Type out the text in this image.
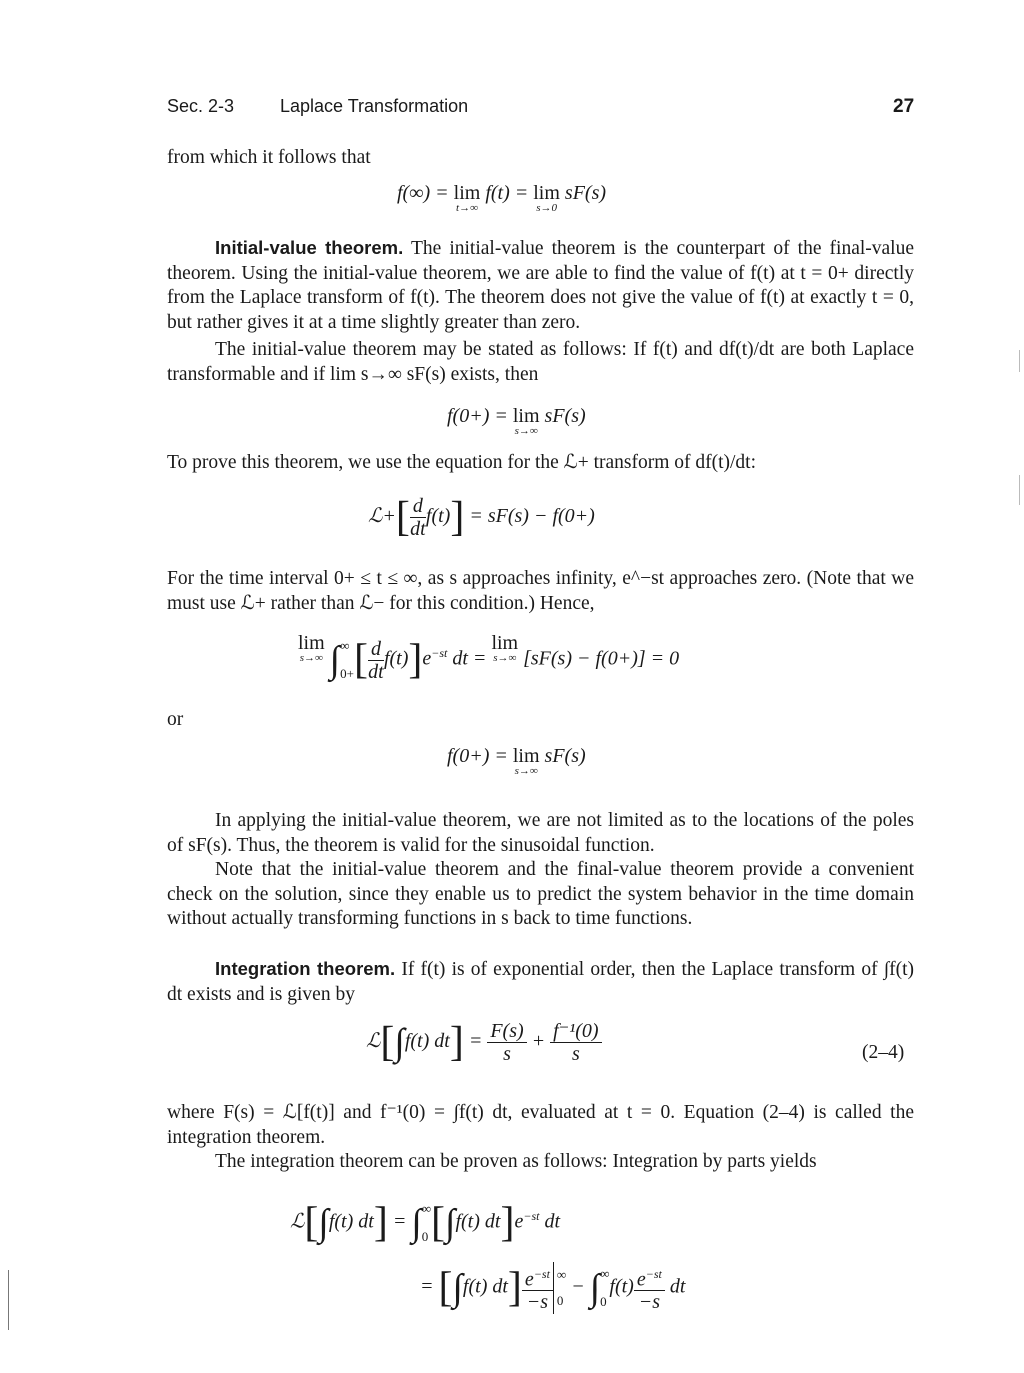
Sec. 2-3	Laplace Transformation	27
from which it follows that
f(∞) = lim
t→∞
f(t) = lim
s→0
sF(s)
Initial-value theorem. The initial-value theorem is the counterpart of the final-value theorem. Using the initial-value theorem, we are able to find the value of f(t) at t = 0+ directly from the Laplace transform of f(t). The theorem does not give the value of f(t) at exactly t = 0, but rather gives it at a time slightly greater than zero.
The initial-value theorem may be stated as follows: If f(t) and df(t)/dt are both Laplace transformable and if lim s→∞ sF(s) exists, then
f(0+) = lim
s→∞
sF(s)
To prove this theorem, we use the equation for the ℒ+ transform of df(t)/dt:
ℒ+[ $\frac{d}{dt} f(t)] = sF(s) - f(0+)$
For the time interval 0+ ≤ t ≤ ∞, as s approaches infinity, e^−st approaches zero. (Note that we must use ℒ+ rather than ℒ− for this condition.) Hence,
lim
s→∞ ∫ ∞
0+ [ $\frac{d}{dt} f(t)]e^{-st}$ dt = lim
s→∞ [sF(s) − f(0+)] = 0
or
f(0+) = lim
s→∞
sF(s)
In applying the initial-value theorem, we are not limited as to the locations of the poles of sF(s). Thus, the theorem is valid for the sinusoidal function.
Note that the initial-value theorem and the final-value theorem provide a convenient check on the solution, since they enable us to predict the system behavior in the time domain without actually transforming functions in s back to time functions.
Integration theorem. If f(t) is of exponential order, then the Laplace transform of ∫f(t) dt exists and is given by
ℒ[∫f(t) $dt] = \frac{F(s)}{s} + \frac{\text{f⁻¹(0)}}{s}$	(2–4)
where F(s) = ℒ[f(t)] and f⁻¹(0) = ∫f(t) dt, evaluated at t = 0. Equation (2–4) is called the integration theorem.
The integration theorem can be proven as follows: Integration by parts yields
ℒ[∫f(t) dt] = ∫ ∞
0 [∫f(t) $dt]e^{-st}$ dt
= [∫f(t) $dt] \frac{e^{-st}}{-s}$ ∞
0
− ∫ ∞
0
$f(t) \frac{e^{-st}}{-s}$ dt
